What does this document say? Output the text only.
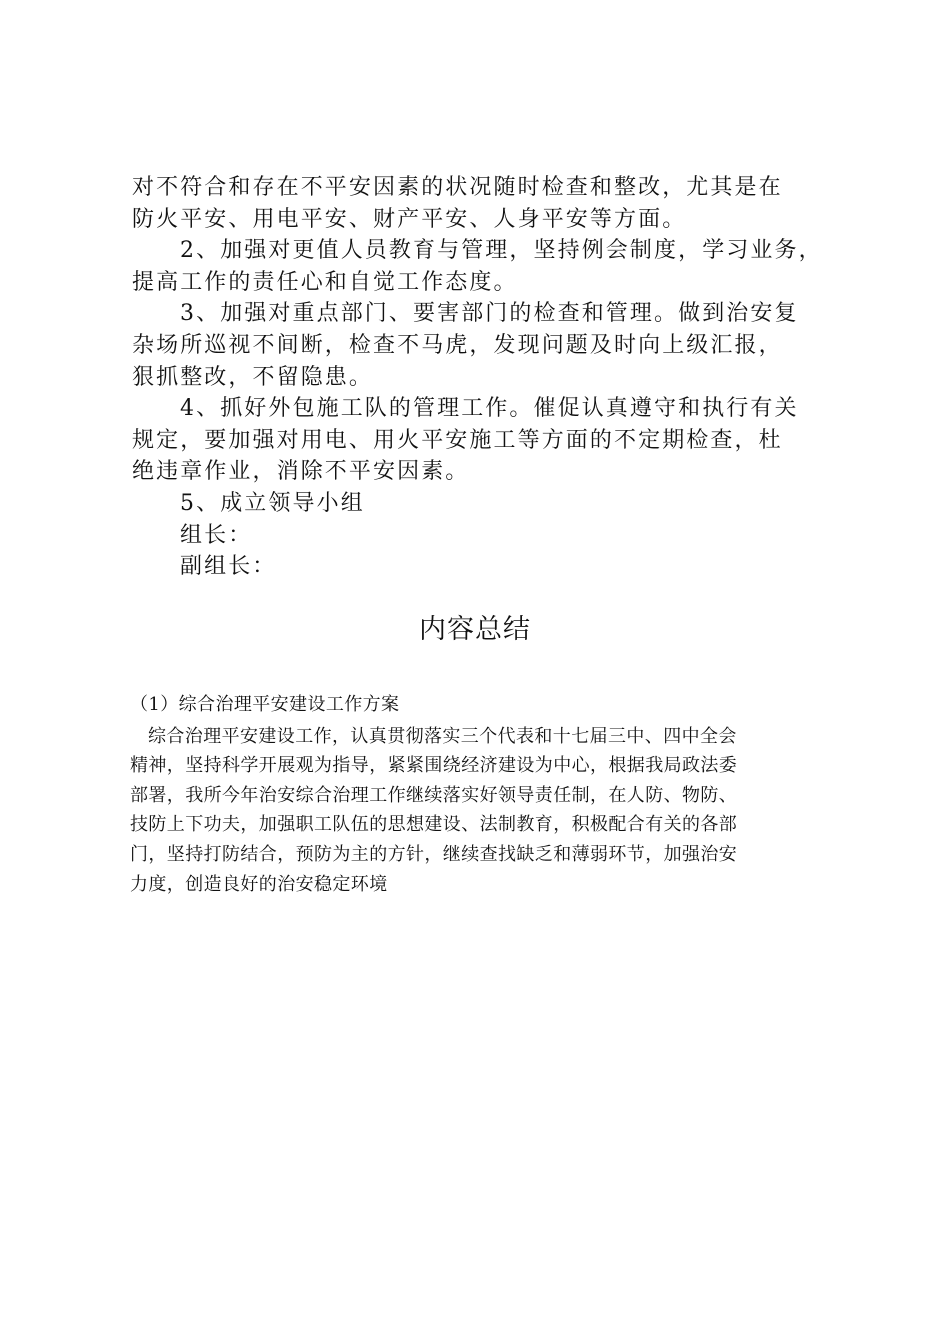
对不符合和存在不平安因素的状况随时检查和整改，尤其是在
防火平安、用电平安、财产平安、人身平安等方面。
2、加强对更值人员教育与管理，坚持例会制度，学习业务，
提高工作的责任心和自觉工作态度。
3、加强对重点部门、要害部门的检查和管理。做到治安复
杂场所巡视不间断，检查不马虎，发现问题及时向上级汇报，
狠抓整改，不留隐患。
4、抓好外包施工队的管理工作。催促认真遵守和执行有关
规定，要加强对用电、用火平安施工等方面的不定期检查，杜
绝违章作业，消除不平安因素。
5、成立领导小组
组长：
副组长：
内容总结
（1）综合治理平安建设工作方案
综合治理平安建设工作，认真贯彻落实三个代表和十七届三中、四中全会
精神，坚持科学开展观为指导，紧紧围绕经济建设为中心，根据我局政法委
部署，我所今年治安综合治理工作继续落实好领导责任制，在人防、物防、
技防上下功夫，加强职工队伍的思想建设、法制教育，积极配合有关的各部
门，坚持打防结合，预防为主的方针，继续查找缺乏和薄弱环节，加强治安
力度，创造良好的治安稳定环境
